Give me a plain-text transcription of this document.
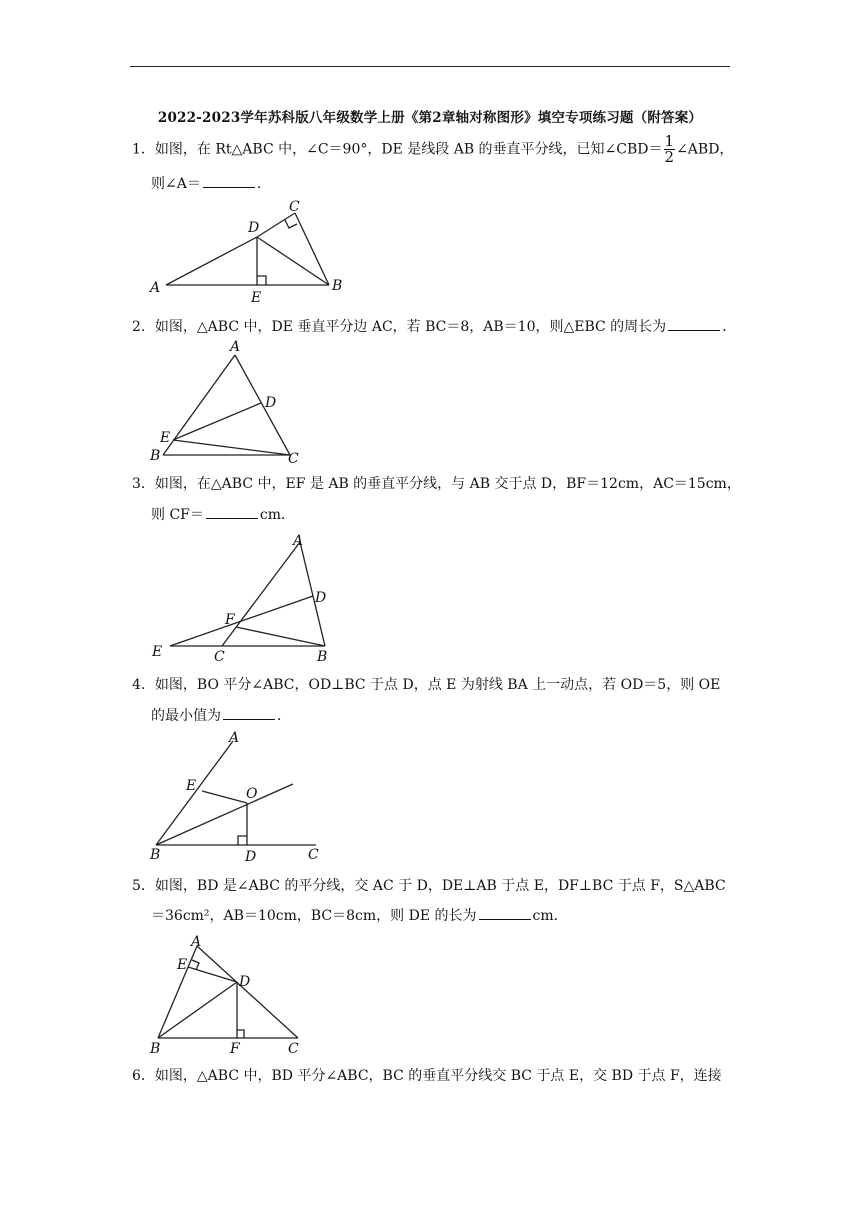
2022-2023学年苏科版八年级数学上册《第2章轴对称图形》填空专项练习题（附答案）
1．如图，在 Rt△ABC 中，∠C＝90°，DE 是线段 AB 的垂直平分线，已知∠CBD＝ $\frac{1}{2}$ ∠ABD，
则∠A＝	．
D
C
A
E
B
2．如图，△ABC 中，DE 垂直平分边 AC，若 BC＝8，AB＝10，则△EBC 的周长为	．
A
D
E
B	C
3．如图，在△ABC 中，EF 是 AB 的垂直平分线，与 AB 交于点 D，BF＝12cm，AC＝15cm，
则 CF＝	cm．
A
D
F
E	C	B
4．如图，BO 平分∠ABC，OD⊥BC 于点 D，点 E 为射线 BA 上一动点，若 OD＝5，则 OE
的最小值为	．
A
E	O
B	D	C
5．如图，BD 是∠ABC 的平分线，交 AC 于 D，DE⊥AB 于点 E，DF⊥BC 于点 F，S△ABC
＝36cm²，AB＝10cm，BC＝8cm，则 DE 的长为	cm．
A
E
D
B	F	C
6．如图，△ABC 中，BD 平分∠ABC，BC 的垂直平分线交 BC 于点 E，交 BD 于点 F，连接
